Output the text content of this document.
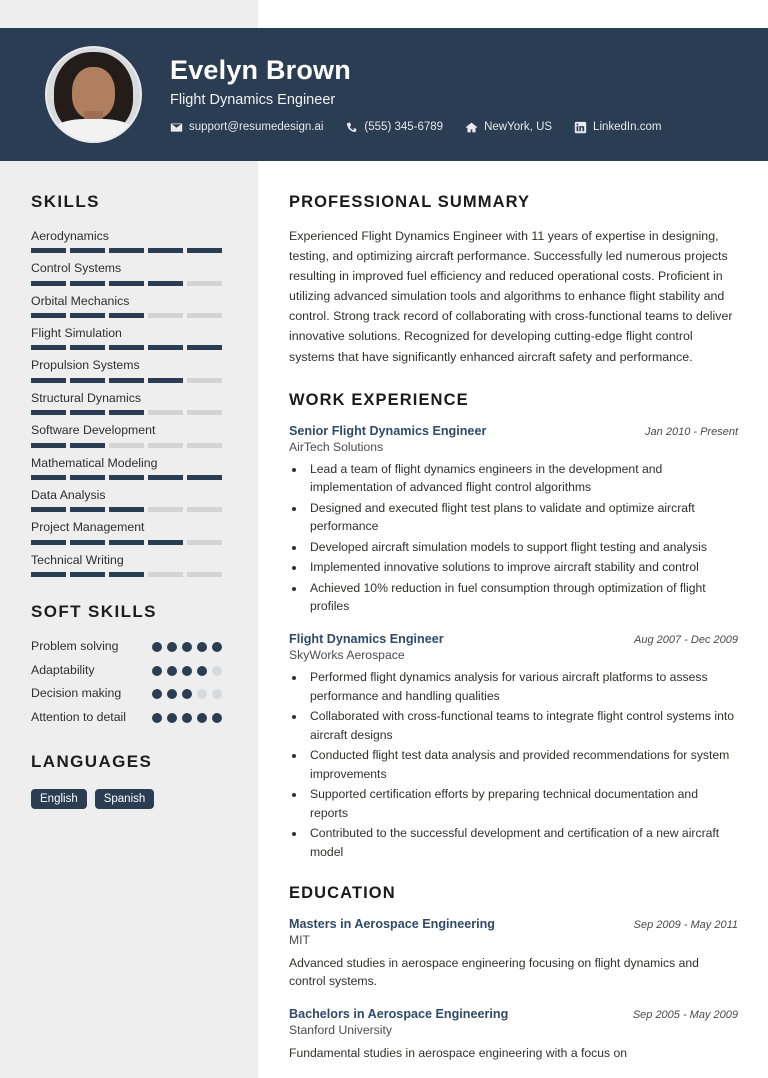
Evelyn Brown
Flight Dynamics Engineer
support@resumedesign.ai	(555) 345-6789	NewYork, US	LinkedIn.com
SKILLS
Aerodynamics
Control Systems
Orbital Mechanics
Flight Simulation
Propulsion Systems
Structural Dynamics
Software Development
Mathematical Modeling
Data Analysis
Project Management
Technical Writing
SOFT SKILLS
Problem solving
Adaptability
Decision making
Attention to detail
LANGUAGES
English	Spanish
PROFESSIONAL SUMMARY
Experienced Flight Dynamics Engineer with 11 years of expertise in designing, testing, and optimizing aircraft performance. Successfully led numerous projects resulting in improved fuel efficiency and reduced operational costs. Proficient in utilizing advanced simulation tools and algorithms to enhance flight stability and control. Strong track record of collaborating with cross-functional teams to deliver innovative solutions. Recognized for developing cutting-edge flight control systems that have significantly enhanced aircraft safety and performance.
WORK EXPERIENCE
Senior Flight Dynamics Engineer	Jan 2010 - Present
AirTech Solutions
• Lead a team of flight dynamics engineers in the development and implementation of advanced flight control algorithms
• Designed and executed flight test plans to validate and optimize aircraft performance
• Developed aircraft simulation models to support flight testing and analysis
• Implemented innovative solutions to improve aircraft stability and control
• Achieved 10% reduction in fuel consumption through optimization of flight profiles
Flight Dynamics Engineer	Aug 2007 - Dec 2009
SkyWorks Aerospace
• Performed flight dynamics analysis for various aircraft platforms to assess performance and handling qualities
• Collaborated with cross-functional teams to integrate flight control systems into aircraft designs
• Conducted flight test data analysis and provided recommendations for system improvements
• Supported certification efforts by preparing technical documentation and reports
• Contributed to the successful development and certification of a new aircraft model
EDUCATION
Masters in Aerospace Engineering	Sep 2009 - May 2011
MIT
Advanced studies in aerospace engineering focusing on flight dynamics and control systems.
Bachelors in Aerospace Engineering	Sep 2005 - May 2009
Stanford University
Fundamental studies in aerospace engineering with a focus on
